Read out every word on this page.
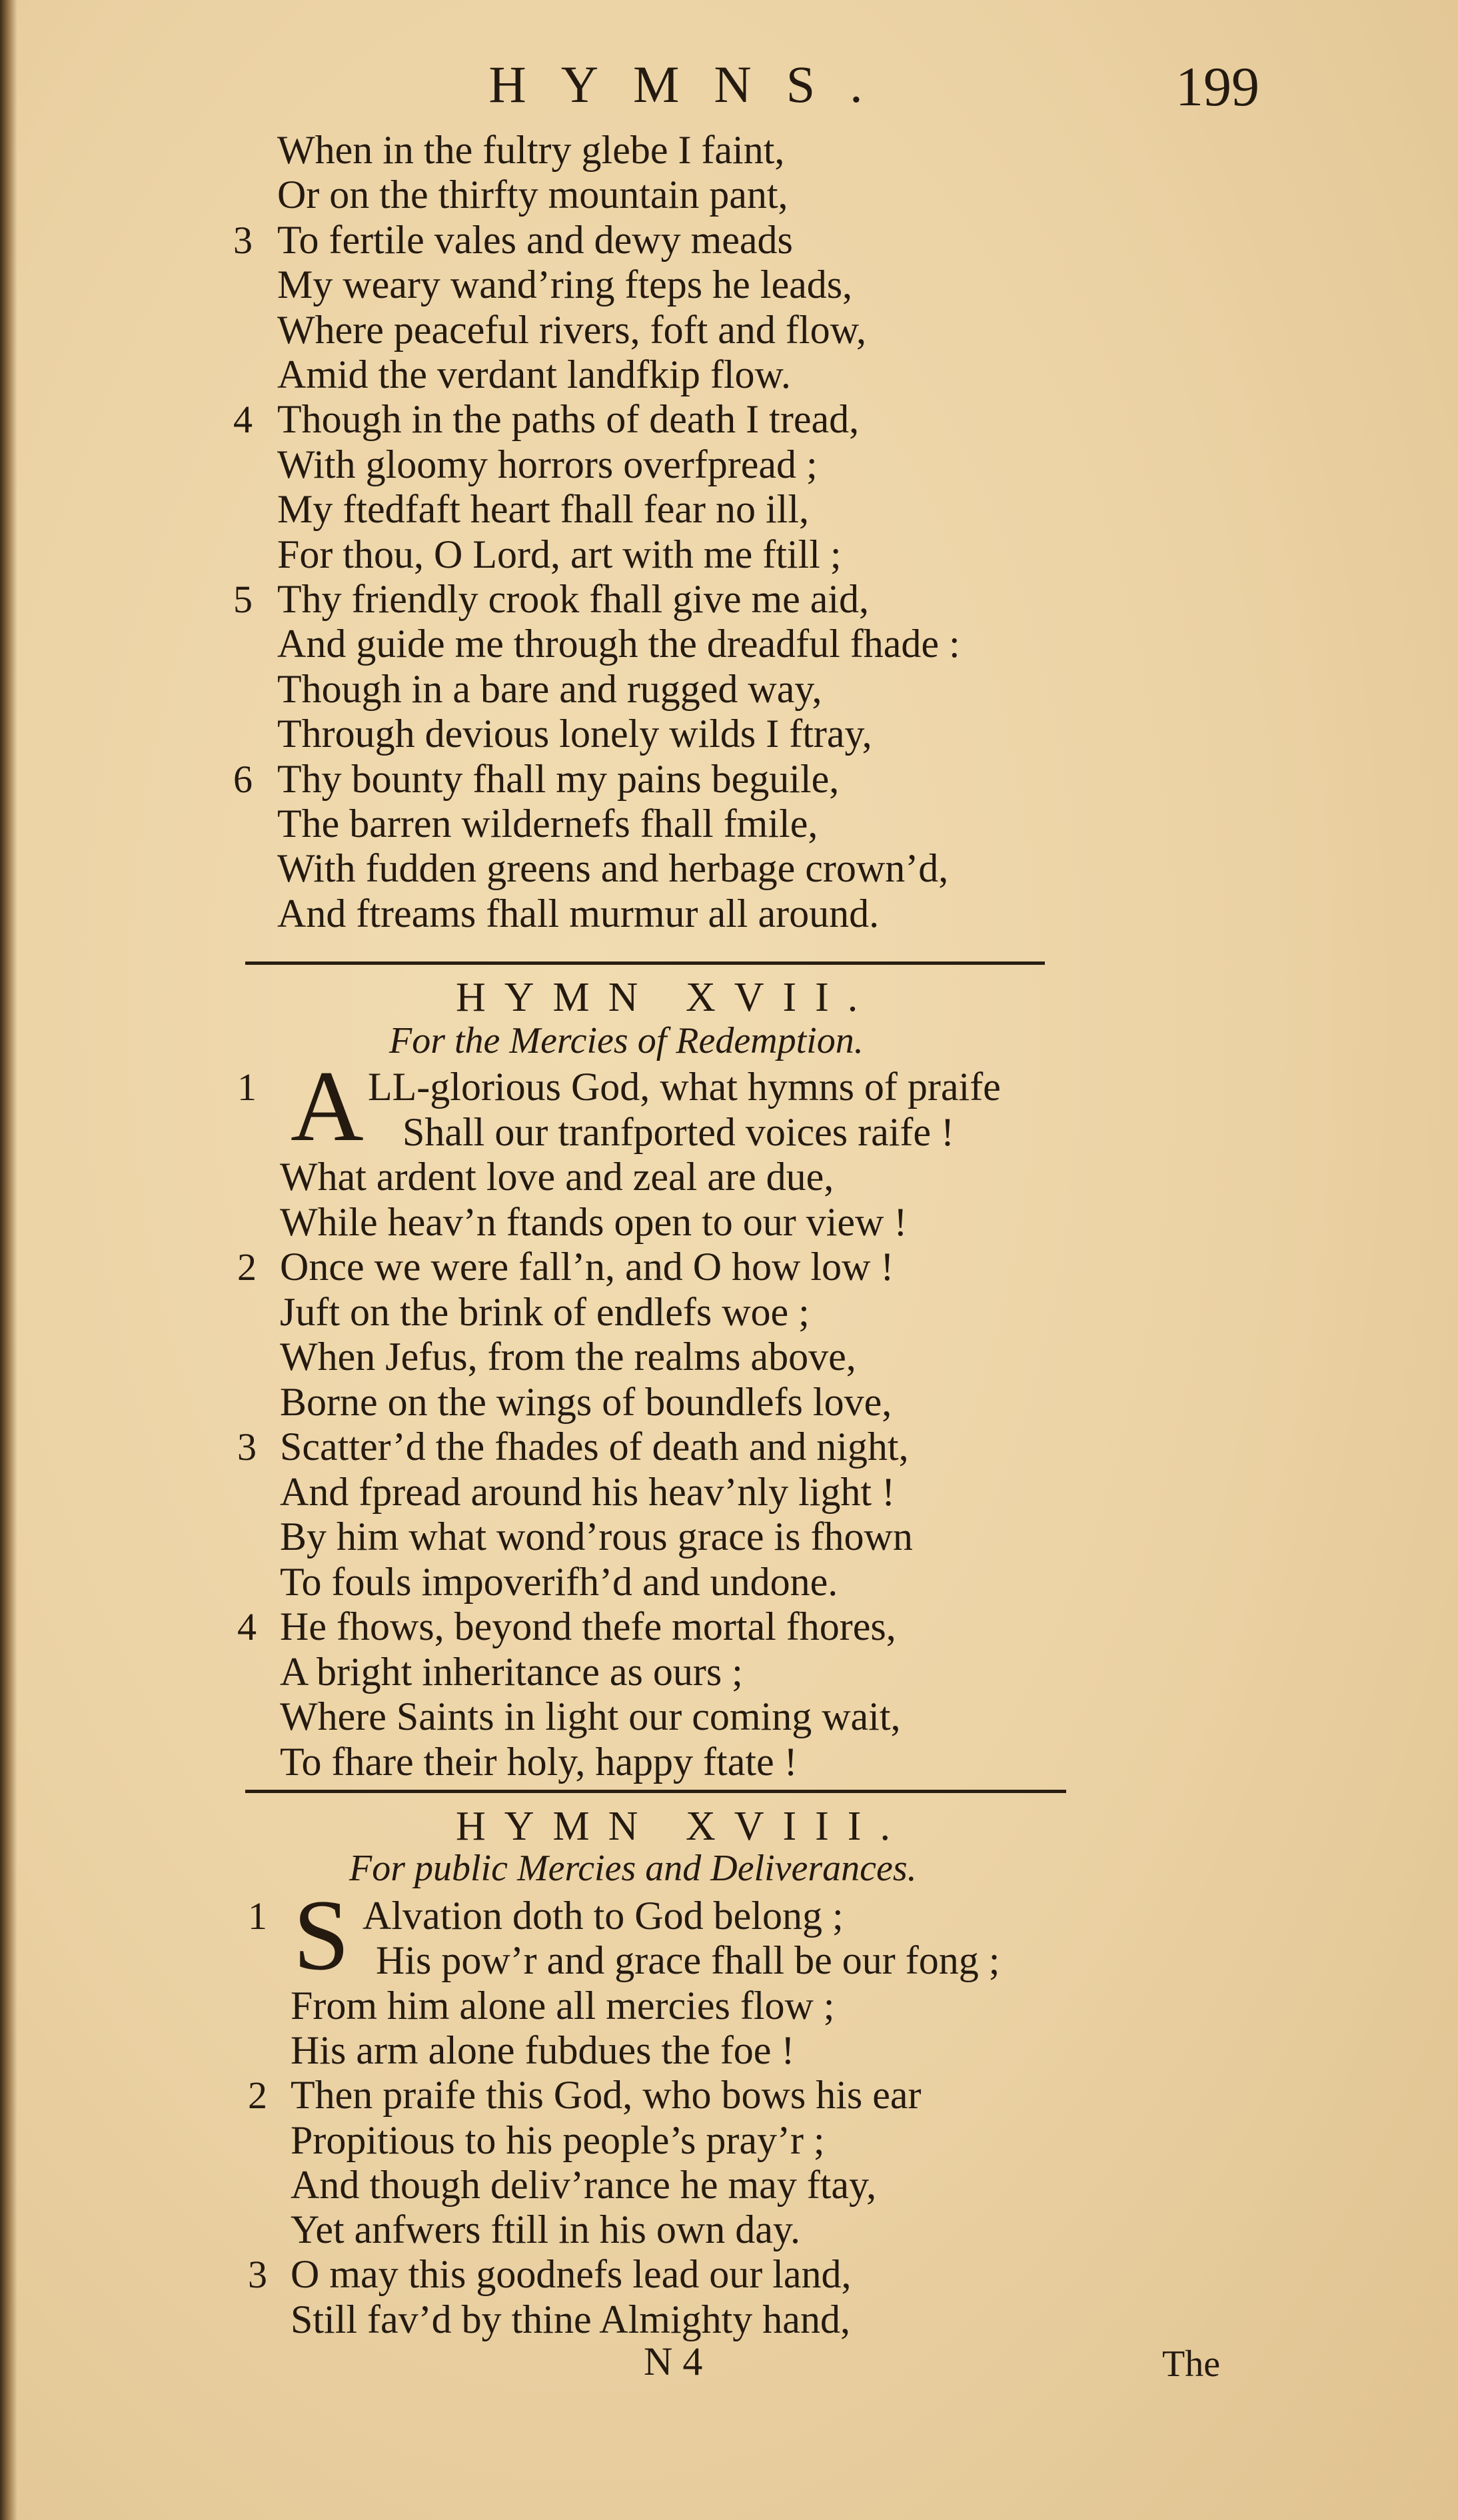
HYMNS.	199
When in the fultry glebe I faint,
Or on the thirfty mountain pant,
3 To fertile vales and dewy meads
My weary wand’ring fteps he leads,
Where peaceful rivers, foft and flow,
Amid the verdant landfkip flow.
4 Though in the paths of death I tread,
With gloomy horrors overfpread ;
My ftedfaft heart fhall fear no ill,
For thou, O Lord, art with me ftill ;
5 Thy friendly crook fhall give me aid,
And guide me through the dreadful fhade :
Though in a bare and rugged way,
Through devious lonely wilds I ftray,
6 Thy bounty fhall my pains beguile,
The barren wildernefs fhall fmile,
With fudden greens and herbage crown’d,
And ftreams fhall murmur all around.
HYMN XVII.
For the Mercies of Redemption.
A
1	LL-glorious God, what hymns of praife
Shall our tranfported voices raife !
What ardent love and zeal are due,
While heav’n ftands open to our view !
2 Once we were fall’n, and O how low !
Juft on the brink of endlefs woe ;
When Jefus, from the realms above,
Borne on the wings of boundlefs love,
3 Scatter’d the fhades of death and night,
And fpread around his heav’nly light !
By him what wond’rous grace is fhown
To fouls impoverifh’d and undone.
4 He fhows, beyond thefe mortal fhores,
A bright inheritance as ours ;
Where Saints in light our coming wait,
To fhare their holy, happy ftate !
HYMN XVIII.
For public Mercies and Deliverances.
S
1 Alvation doth to God belong ;
His pow’r and grace fhall be our fong ;
From him alone all mercies flow ;
His arm alone fubdues the foe !
2 Then praife this God, who bows his ear
Propitious to his people’s pray’r ;
And though deliv’rance he may ftay,
Yet anfwers ftill in his own day.
3 O may this goodnefs lead our land,
Still fav’d by thine Almighty hand,
N 4	The
